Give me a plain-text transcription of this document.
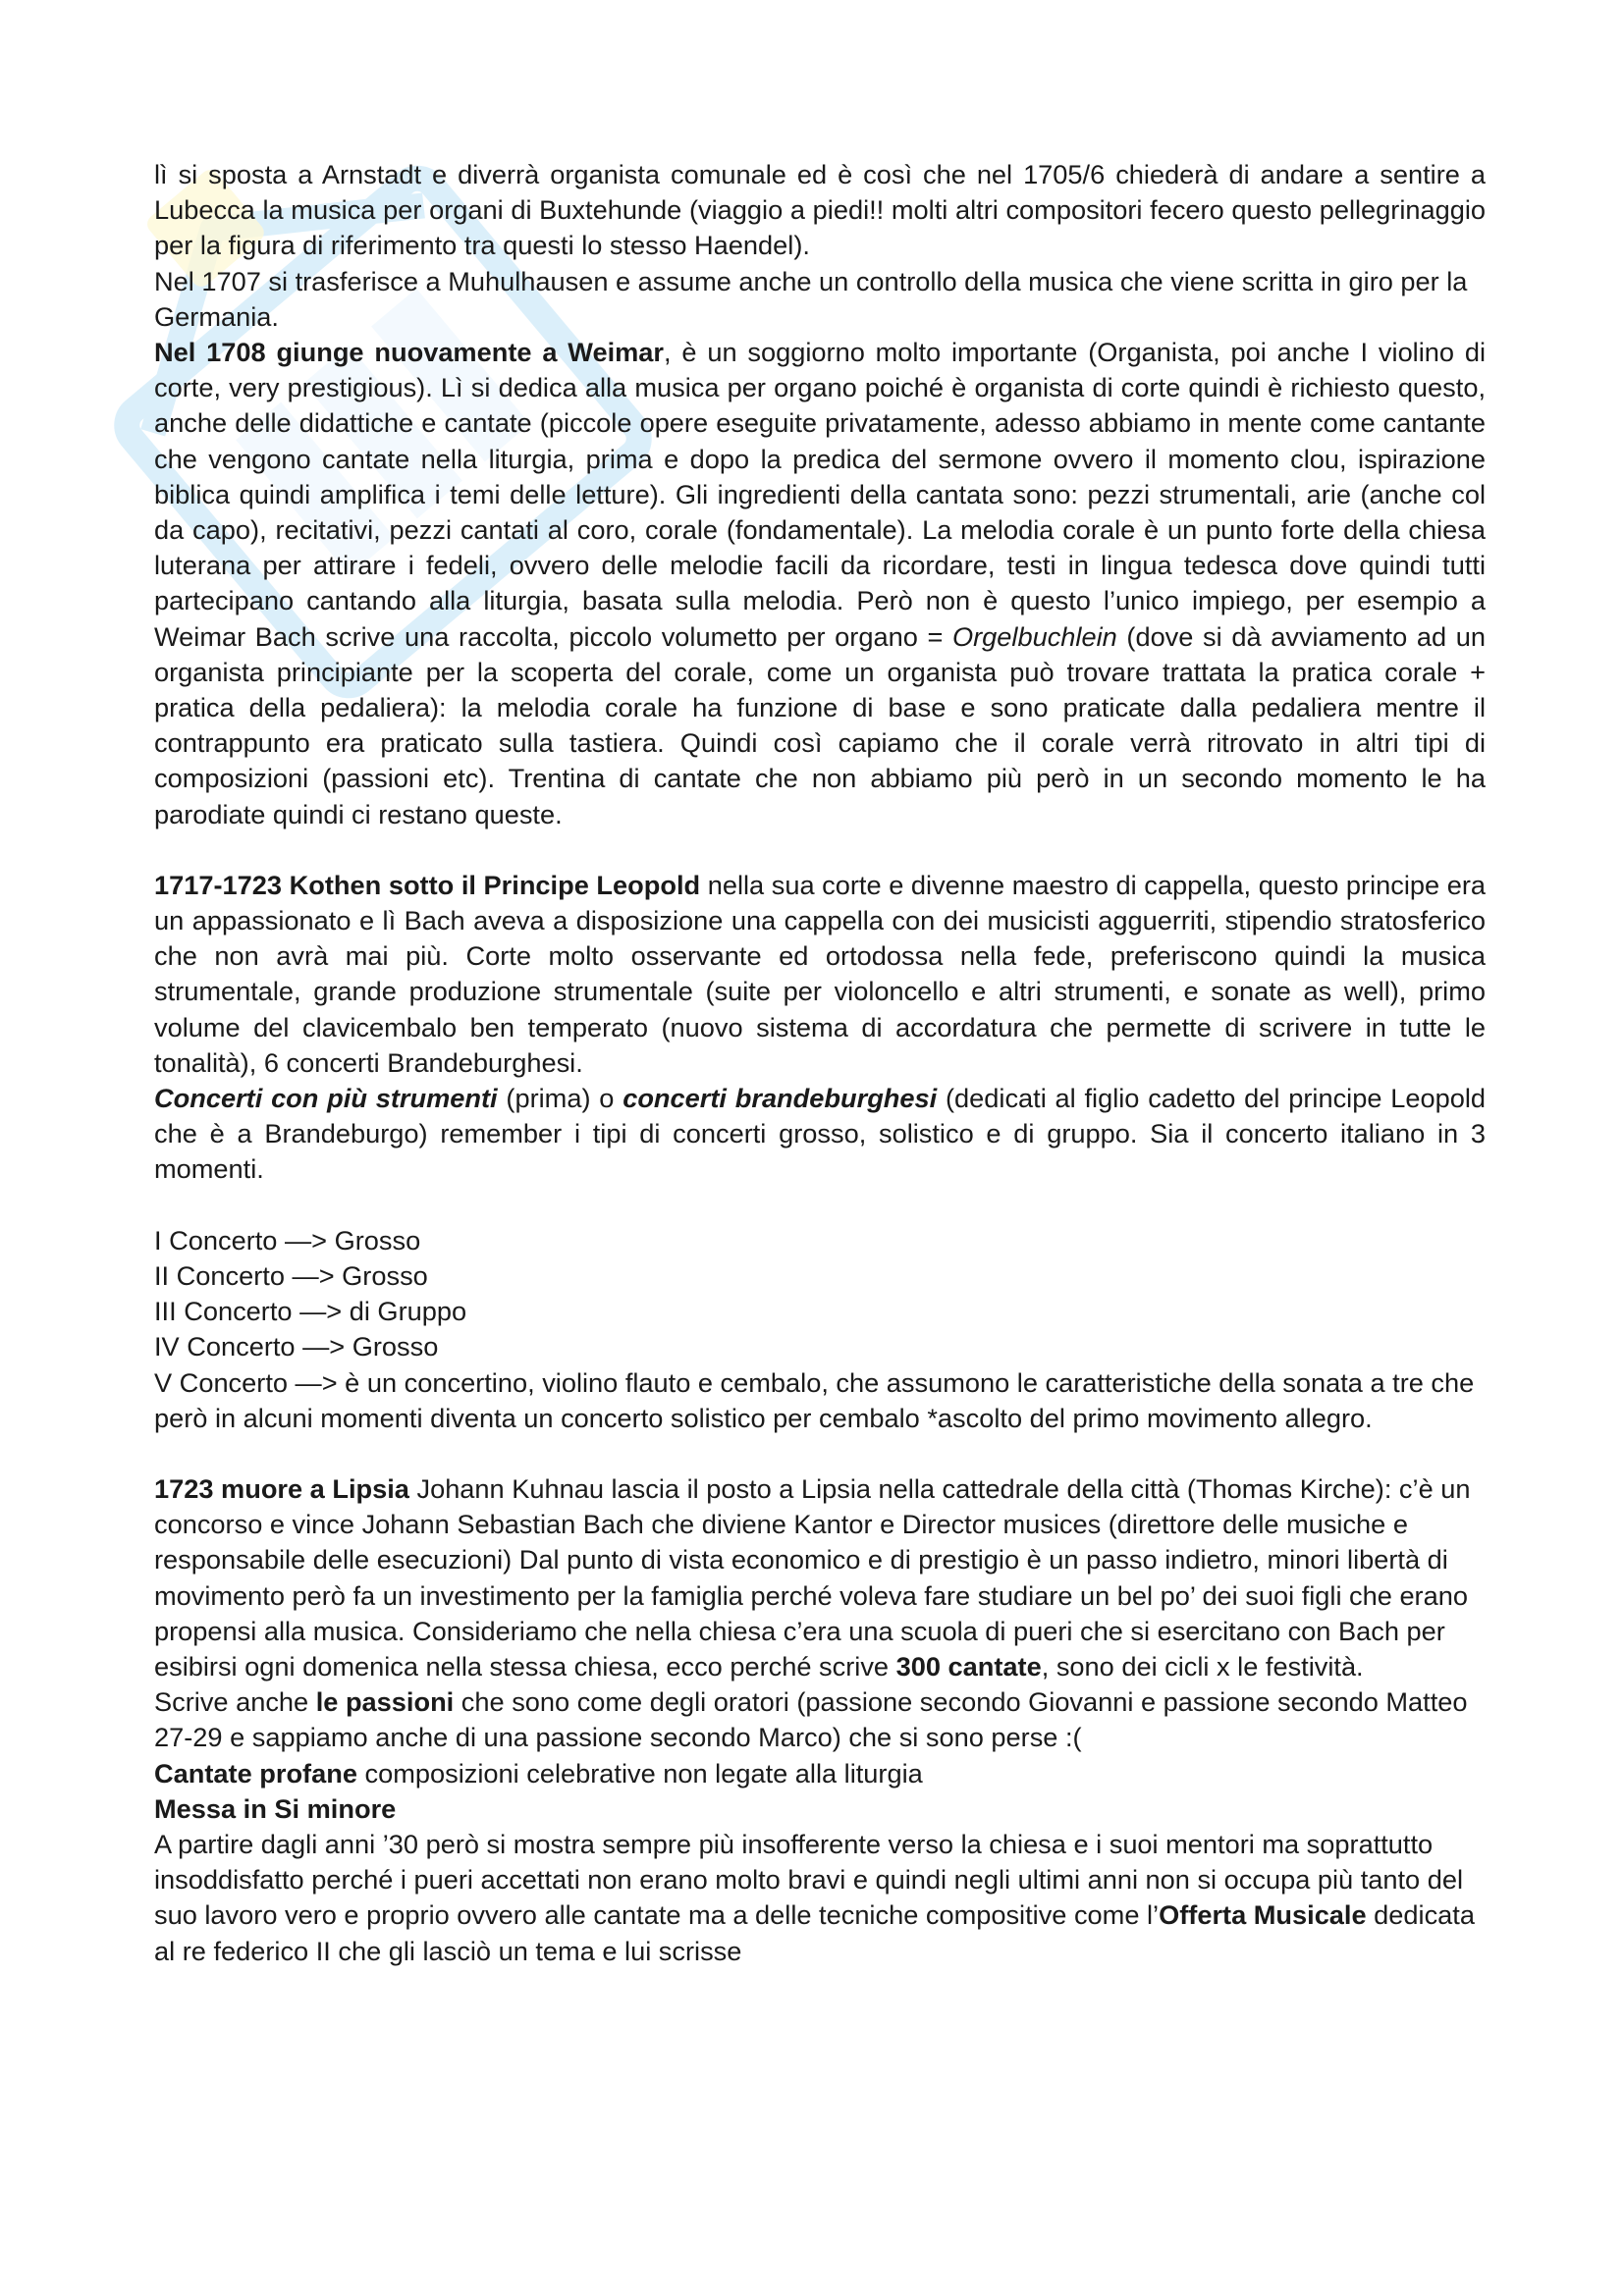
lì si sposta a Arnstadt e diverrà organista comunale ed è così che nel 1705/6 chiederà di andare a sentire a Lubecca la musica per organi di Buxtehunde (viaggio a piedi!! molti altri compositori fecero questo pellegrinaggio per la figura di riferimento tra questi lo stesso Haendel).

Nel 1707 si trasferisce a Muhulhausen e assume anche un controllo della musica che viene scritta in giro per la Germania.

Nel 1708 giunge nuovamente a Weimar, è un soggiorno molto importante (Organista, poi anche I violino di corte, very prestigious). Lì si dedica alla musica per organo poiché è organista di corte quindi è richiesto questo, anche delle didattiche e cantate (piccole opere eseguite privatamente, adesso abbiamo in mente come cantante che vengono cantate nella liturgia, prima e dopo la predica del sermone ovvero il momento clou, ispirazione biblica quindi amplifica i temi delle letture). Gli ingredienti della cantata sono: pezzi strumentali, arie (anche col da capo), recitativi, pezzi cantati al coro, corale (fondamentale). La melodia corale è un punto forte della chiesa luterana per attirare i fedeli, ovvero delle melodie facili da ricordare, testi in lingua tedesca dove quindi tutti partecipano cantando alla liturgia, basata sulla melodia. Però non è questo l’unico impiego, per esempio a Weimar Bach scrive una raccolta, piccolo volumetto per organo = Orgelbuchlein (dove si dà avviamento ad un organista principiante per la scoperta del corale, come un organista può trovare trattata la pratica corale + pratica della pedaliera): la melodia corale ha funzione di base e sono praticate dalla pedaliera mentre il contrappunto era praticato sulla tastiera. Quindi così capiamo che il corale verrà ritrovato in altri tipi di composizioni (passioni etc). Trentina di cantate che non abbiamo più però in un secondo momento le ha parodiate quindi ci restano queste.

1717-1723 Kothen sotto il Principe Leopold nella sua corte e divenne maestro di cappella, questo principe era un appassionato e lì Bach aveva a disposizione una cappella con dei musicisti agguerriti, stipendio stratosferico che non avrà mai più. Corte molto osservante ed ortodossa nella fede, preferiscono quindi la musica strumentale, grande produzione strumentale (suite per violoncello e altri strumenti, e sonate as well), primo volume del clavicembalo ben temperato (nuovo sistema di accordatura che permette di scrivere in tutte le tonalità), 6 concerti Brandeburghesi.

Concerti con più strumenti (prima) o concerti brandeburghesi (dedicati al figlio cadetto del principe Leopold che è a Brandeburgo) remember i tipi di concerti grosso, solistico e di gruppo. Sia il concerto italiano in 3 momenti.

I Concerto —> Grosso
II Concerto —> Grosso
III Concerto —> di Gruppo
IV Concerto —> Grosso
V Concerto —> è un concertino, violino flauto e cembalo, che assumono le caratteristiche della sonata a tre che però in alcuni momenti diventa un concerto solistico per cembalo *ascolto del primo movimento allegro.

1723 muore a Lipsia Johann Kuhnau lascia il posto a Lipsia nella cattedrale della città (Thomas Kirche): c’è un concorso e vince Johann Sebastian Bach che diviene Kantor e Director musices (direttore delle musiche e responsabile delle esecuzioni) Dal punto di vista economico e di prestigio è un passo indietro, minori libertà di movimento però fa un investimento per la famiglia perché voleva fare studiare un bel po’ dei suoi figli che erano propensi alla musica. Consideriamo che nella chiesa c’era una scuola di pueri che si esercitano con Bach per esibirsi ogni domenica nella stessa chiesa, ecco perché scrive 300 cantate, sono dei cicli x le festività.

Scrive anche le passioni che sono come degli oratori (passione secondo Giovanni e passione secondo Matteo 27-29 e sappiamo anche di una passione secondo Marco) che si sono perse :(

Cantate profane composizioni celebrative non legate alla liturgia

Messa in Si minore

A partire dagli anni ’30 però si mostra sempre più insofferente verso la chiesa e i suoi mentori ma soprattutto insoddisfatto perché i pueri accettati non erano molto bravi e quindi negli ultimi anni non si occupa più tanto del suo lavoro vero e proprio ovvero alle cantate ma a delle tecniche compositive come l’Offerta Musicale dedicata al re federico II che gli lasciò un tema e lui scrisse
